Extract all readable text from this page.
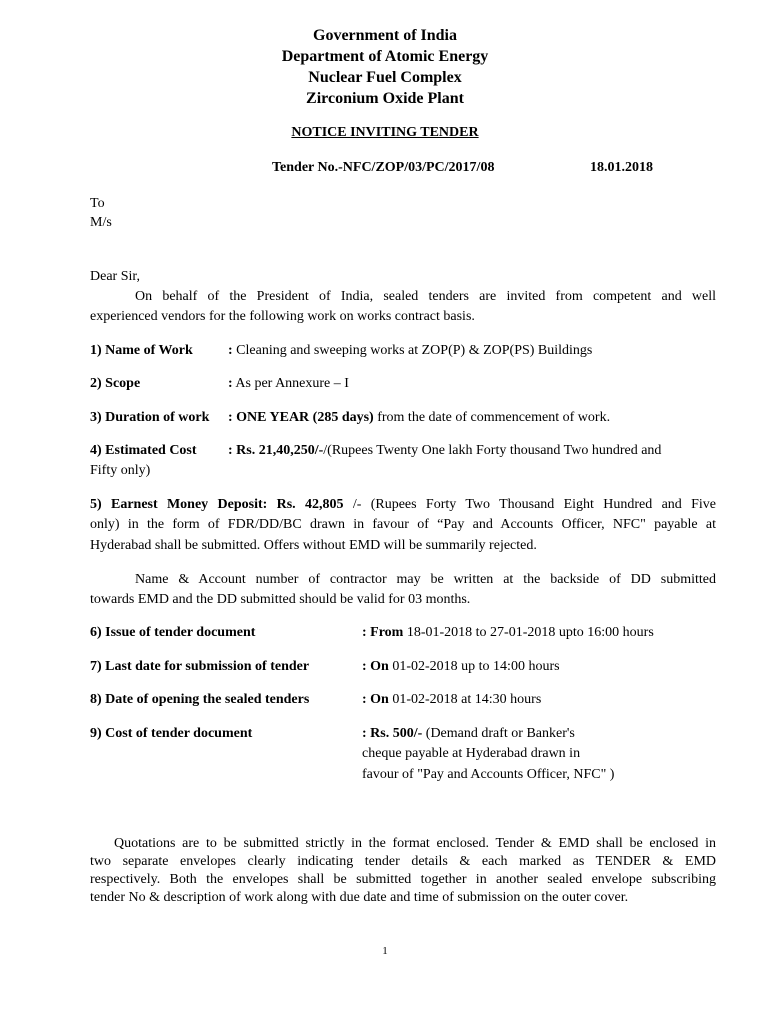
Government of India
Department of Atomic Energy
Nuclear Fuel Complex
Zirconium Oxide Plant
NOTICE INVITING TENDER
Tender No.-NFC/ZOP/03/PC/2017/08	18.01.2018
To
M/s
Dear Sir,
On behalf of the President of India, sealed tenders are invited from competent and well
experienced vendors for the following work on works contract basis.
1) Name of Work	: Cleaning and sweeping works at ZOP(P) & ZOP(PS) Buildings
2) Scope	: As per Annexure – I
3) Duration of work : ONE YEAR (285 days) from the date of commencement of work.
4) Estimated Cost : Rs. 21,40,250/-/(Rupees Twenty One lakh Forty thousand Two hundred and
Fifty only)
5) Earnest Money Deposit: Rs. 42,805 /- (Rupees Forty Two Thousand Eight Hundred and Five
only) in the form of FDR/DD/BC drawn in favour of “Pay and Accounts Officer, NFC" payable at
Hyderabad shall be submitted. Offers without EMD will be summarily rejected.
Name & Account number of contractor may be written at the backside of DD submitted
towards EMD and the DD submitted should be valid for 03 months.
6) Issue of tender document	: From 18-01-2018 to 27-01-2018 upto 16:00 hours
7) Last date for submission of tender	: On 01-02-2018 up to 14:00 hours
8) Date of opening the sealed tenders	: On 01-02-2018 at 14:30 hours
9) Cost of tender document	: Rs. 500/- (Demand draft or Banker's
cheque payable at Hyderabad drawn in
favour of "Pay and Accounts Officer, NFC" )
Quotations are to be submitted strictly in the format enclosed. Tender & EMD shall be enclosed in
two separate envelopes clearly indicating tender details & each marked as TENDER & EMD
respectively. Both the envelopes shall be submitted together in another sealed envelope subscribing
tender No & description of work along with due date and time of submission on the outer cover.
1
